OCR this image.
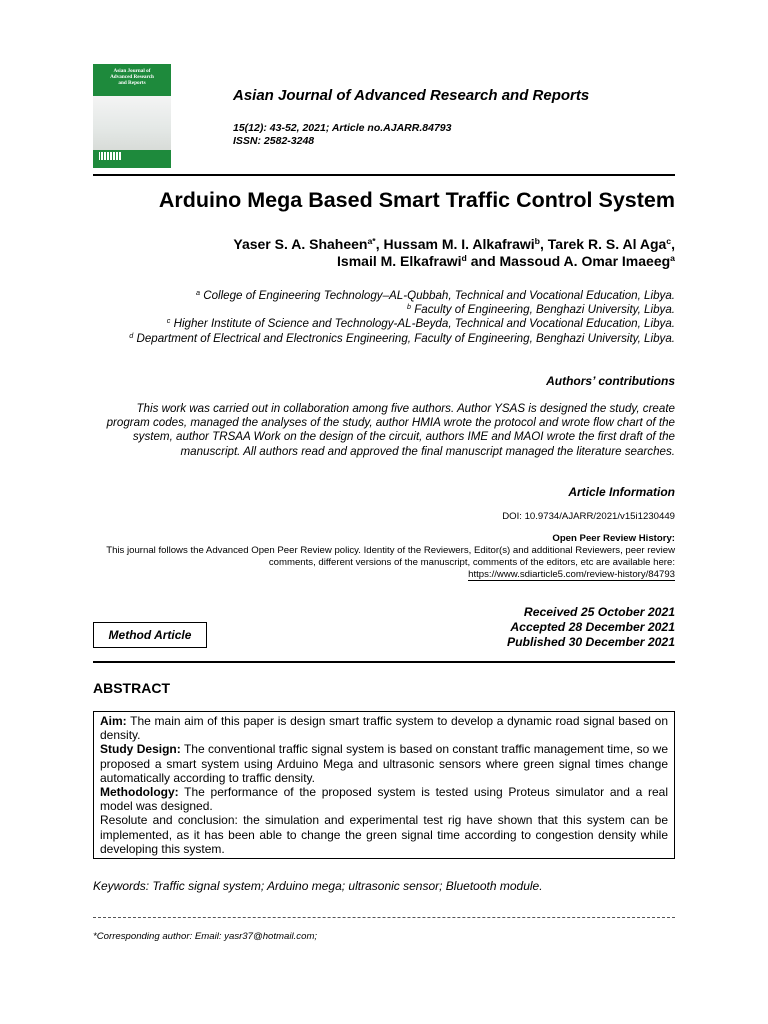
Asian Journal of
Advanced Research
and Reports
Asian Journal of Advanced Research and Reports
15(12): 43-52, 2021; Article no.AJARR.84793
ISSN: 2582-3248
Arduino Mega Based Smart Traffic Control System
Yaser S. A. Shaheen$^{a*}$, Hussam M. I. Alkafrawi$^b$, Tarek R. S. Al Aga$^c$,
Ismail M. Elkafrawi$^d$ and Massoud A. Omar Imaeeg$^a$
$^a$ College of Engineering Technology–AL-Qubbah, Technical and Vocational Education, Libya.
$^b$ Faculty of Engineering, Benghazi University, Libya.
$^c$ Higher Institute of Science and Technology-AL-Beyda, Technical and Vocational Education, Libya.
$^d$ Department of Electrical and Electronics Engineering, Faculty of Engineering, Benghazi University, Libya.
Authors’ contributions
This work was carried out in collaboration among five authors. Author YSAS is designed the study, create program codes, managed the analyses of the study, author HMIA wrote the protocol and wrote flow chart of the system, author TRSAA Work on the design of the circuit, authors IME and MAOI wrote the first draft of the manuscript. All authors read and approved the final manuscript managed the literature searches.
Article Information
DOI: 10.9734/AJARR/2021/v15i1230449
Open Peer Review History:
This journal follows the Advanced Open Peer Review policy. Identity of the Reviewers, Editor(s) and additional Reviewers, peer review comments, different versions of the manuscript, comments of the editors, etc are available here:
https://www.sdiarticle5.com/review-history/84793
Method Article
Received 25 October 2021
Accepted 28 December 2021
Published 30 December 2021
ABSTRACT

Aim: The main aim of this paper is design smart traffic system to develop a dynamic road signal based on density.

Study Design: The conventional traffic signal system is based on constant traffic management time, so we proposed a smart system using Arduino Mega and ultrasonic sensors where green signal times change automatically according to traffic density.

Methodology: The performance of the proposed system is tested using Proteus simulator and a real model was designed.

Resolute and conclusion: the simulation and experimental test rig have shown that this system can be implemented, as it has been able to change the green signal time according to congestion density while developing this system.

Keywords: Traffic signal system; Arduino mega; ultrasonic sensor; Bluetooth module.
*Corresponding author: Email: yasr37@hotmail.com;
